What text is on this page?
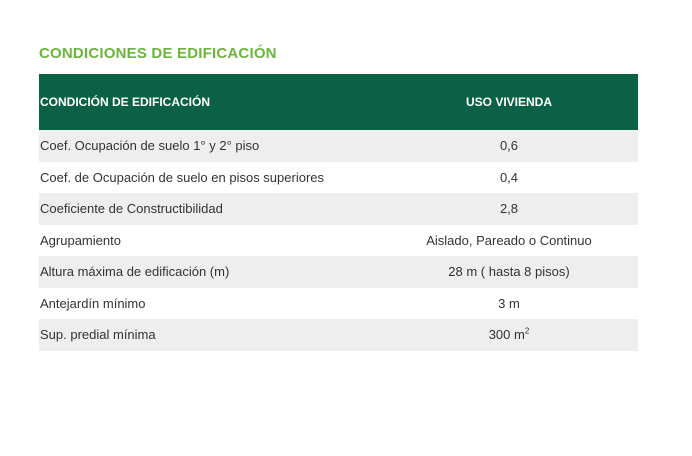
CONDICIONES DE EDIFICACIÓN
CONDICIÓN DE EDIFICACIÓN	USO VIVIENDA
Coef. Ocupación de suelo 1° y 2° piso	0,6
Coef. de Ocupación de suelo en pisos superiores	0,4
Coeficiente de Constructibilidad	2,8
Agrupamiento	Aislado, Pareado o Continuo
Altura máxima de edificación (m)	28 m ( hasta 8 pisos)
Antejardín mínimo	3 m
Sup. predial mínima	300 $m^2$
